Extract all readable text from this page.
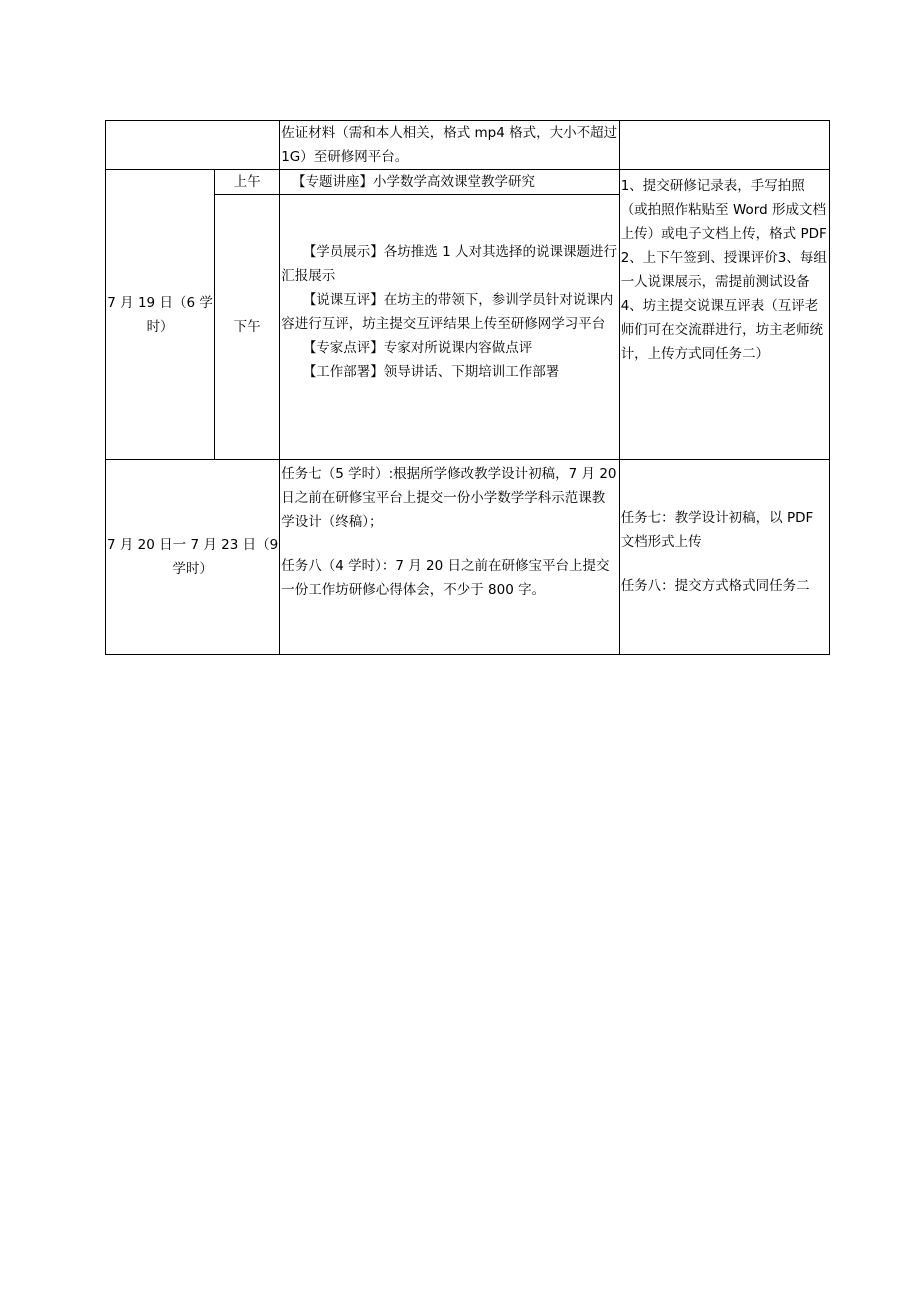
		佐证材料（需和本人相关，格式 mp4 格式，大小不超过 1G）至研修网平台。	

7 月 19 日（6 学时）	上午	【专题讲座】小学数学高效课堂教学研究	1、提交研修记录表，手写拍照（或拍照作粘贴至 Word 形成文档上传）或电子文档上传，格式 PDF2、上下午签到、授课评价3、每组一人说课展示，需提前测试设备4、坊主提交说课互评表（互评老师们可在交流群进行，坊主老师统计，上传方式同任务二）

	下午	【学员展示】各坊推选 1 人对其选择的说课课题进行汇报展示
【说课互评】在坊主的带领下，参训学员针对说课内容进行互评，坊主提交互评结果上传至研修网学习平台
【专家点评】专家对所说课内容做点评
【工作部署】领导讲话、下期培训工作部署	

7 月 20 日一 7 月 23 日（9 学时）		任务七（5 学时）:根据所学修改教学设计初稿，7 月 20 日之前在研修宝平台上提交一份小学数学学科示范课教学设计（终稿）；
任务八（4 学时）：7 月 20 日之前在研修宝平台上提交一份工作坊研修心得体会，不少于 800 字。	任务七：教学设计初稿，以 PDF 文档形式上传
任务八：提交方式格式同任务二
